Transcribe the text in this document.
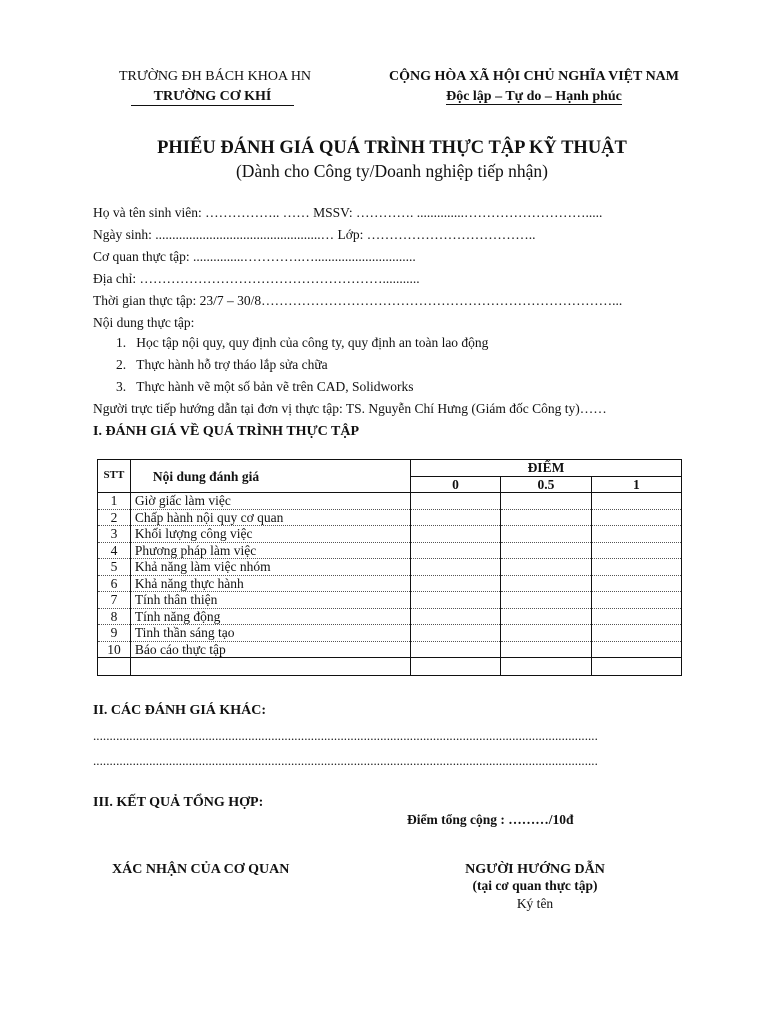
TRƯỜNG ĐH BÁCH KHOA HN
TRƯỜNG CƠ KHÍ
CỘNG HÒA XÃ HỘI CHỦ NGHĨA VIỆT NAM
Độc lập – Tự do – Hạnh phúc
PHIẾU ĐÁNH GIÁ QUÁ TRÌNH THỰC TẬP KỸ THUẬT
(Dành cho Công ty/Doanh nghiệp tiếp nhận)
Họ và tên sinh viên: …………….. …… MSSV: …………. ..............……………………….....
Ngày sinh: .................................................… Lớp: ………………………………..
Cơ quan thực tập: ...............………….…..............................
Địa chỉ: ………………………………………………...........
Thời gian thực tập: 23/7 – 30/8……………………………………………………………………...
Nội dung thực tập:
1.   Học tập nội quy, quy định của công ty, quy định an toàn lao động
2.   Thực hành hỗ trợ tháo lắp sửa chữa
3.   Thực hành vẽ một số bản vẽ trên CAD, Solidworks
Người trực tiếp hướng dẫn tại đơn vị thực tập: TS. Nguyễn Chí Hưng (Giám đốc Công ty)……
I. ĐÁNH GIÁ VỀ QUÁ TRÌNH THỰC TẬP
STT	Nội dung đánh giá	ĐIỂM		
		0	0.5	1
1	Giờ giấc làm việc			
2	Chấp hành nội quy cơ quan			
3	Khối lượng công việc			
4	Phương pháp làm việc			
5	Khả năng làm việc nhóm			
6	Khả năng thực hành			
7	Tính thân thiện			
8	Tính năng động			
9	Tinh thần sáng tạo			
10	Báo cáo thực tập			

II. CÁC ĐÁNH GIÁ KHÁC:
.........................................................................................................................................................
.........................................................................................................................................................
III. KẾT QUẢ TỔNG HỢP:
Điểm tổng cộng : ………/10đ
XÁC NHẬN CỦA CƠ QUAN	NGƯỜI HƯỚNG DẪN
(tại cơ quan thực tập)
Ký tên
